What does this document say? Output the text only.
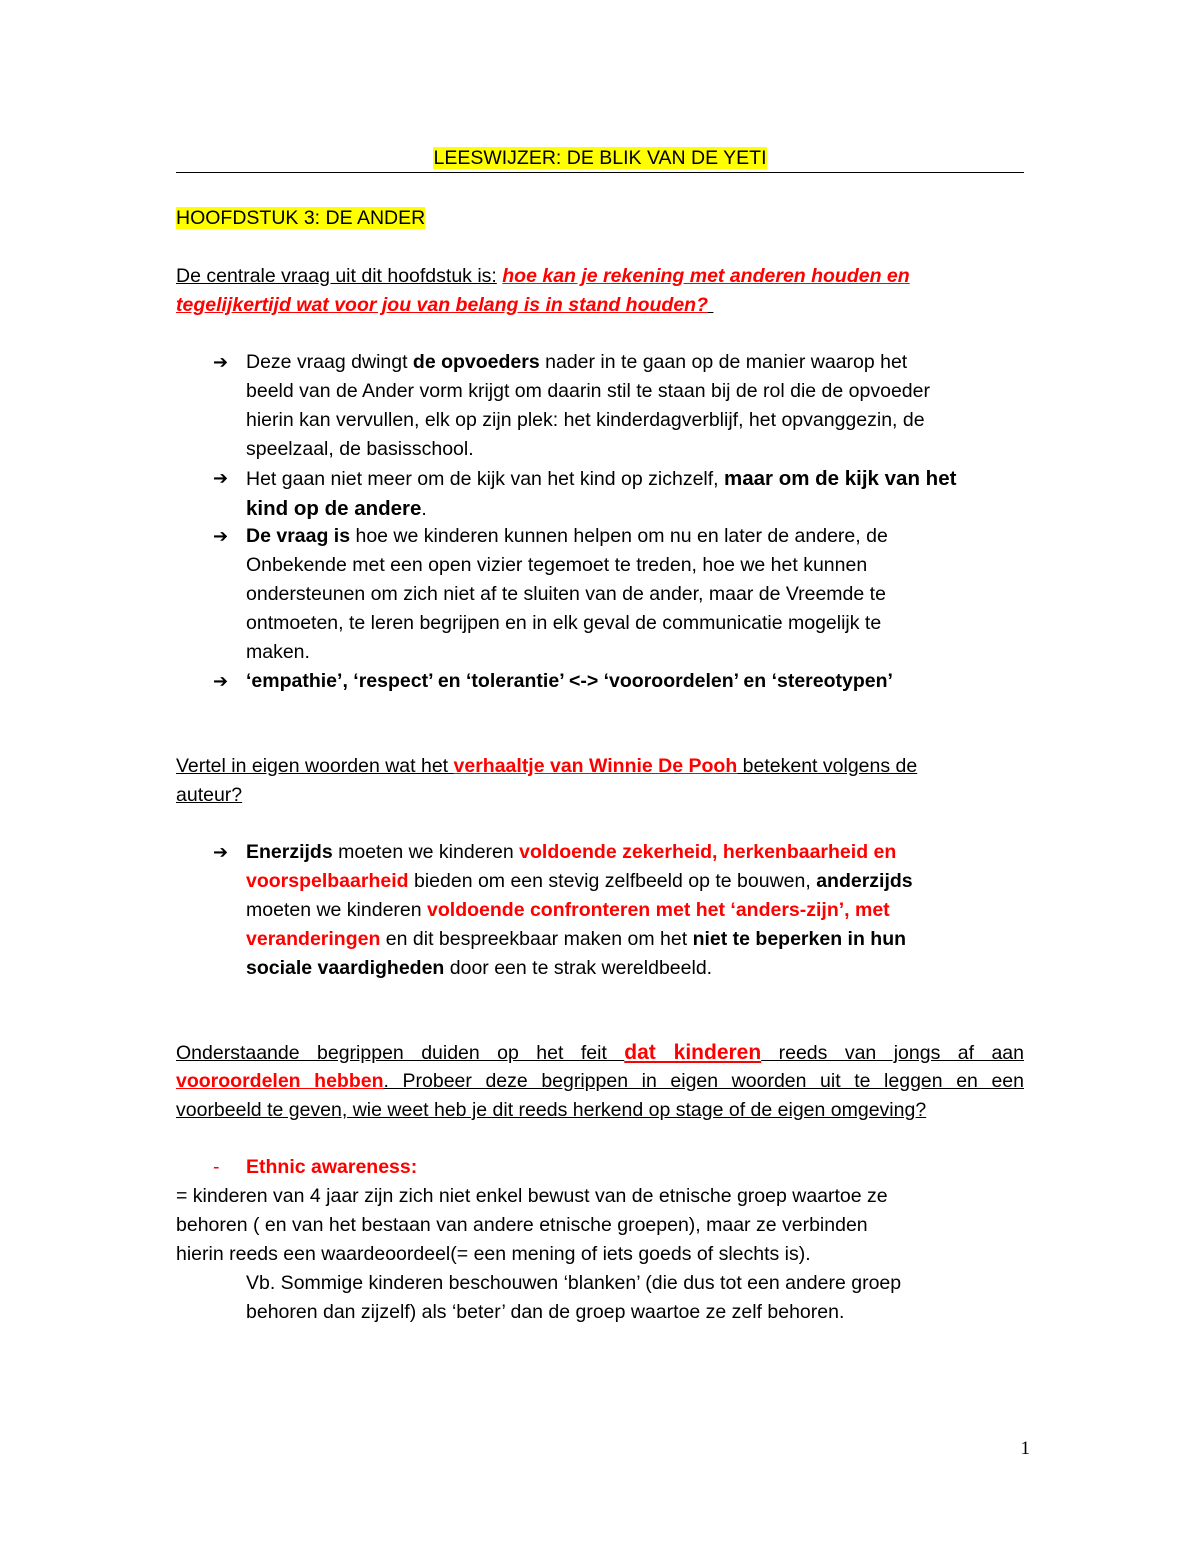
LEESWIJZER: DE BLIK VAN DE YETI
HOOFDSTUK 3: DE ANDER
De centrale vraag uit dit hoofdstuk is: hoe kan je rekening met anderen houden en
tegelijkertijd wat voor jou van belang is in stand houden?
➔ Deze vraag dwingt de opvoeders nader in te gaan op de manier waarop het
beeld van de Ander vorm krijgt om daarin stil te staan bij de rol die de opvoeder
hierin kan vervullen, elk op zijn plek: het kinderdagverblijf, het opvanggezin, de
speelzaal, de basisschool.
➔ Het gaan niet meer om de kijk van het kind op zichzelf, maar om de kijk van het
kind op de andere.
➔ De vraag is hoe we kinderen kunnen helpen om nu en later de andere, de
Onbekende met een open vizier tegemoet te treden, hoe we het kunnen
ondersteunen om zich niet af te sluiten van de ander, maar de Vreemde te
ontmoeten, te leren begrijpen en in elk geval de communicatie mogelijk te
maken.
➔ ‘empathie’, ‘respect’ en ‘tolerantie’ <-> ‘vooroordelen’ en ‘stereotypen’
Vertel in eigen woorden wat het verhaaltje van Winnie De Pooh betekent volgens de
auteur?
➔ Enerzijds moeten we kinderen voldoende zekerheid, herkenbaarheid en
voorspelbaarheid bieden om een stevig zelfbeeld op te bouwen, anderzijds
moeten we kinderen voldoende confronteren met het ‘anders-zijn’, met
veranderingen en dit bespreekbaar maken om het niet te beperken in hun
sociale vaardigheden door een te strak wereldbeeld.
Onderstaande begrippen duiden op het feit dat kinderen reeds van jongs af aan
vooroordelen hebben. Probeer deze begrippen in eigen woorden uit te leggen en een
voorbeeld te geven, wie weet heb je dit reeds herkend op stage of de eigen omgeving?
-	Ethnic awareness:
= kinderen van 4 jaar zijn zich niet enkel bewust van de etnische groep waartoe ze
behoren ( en van het bestaan van andere etnische groepen), maar ze verbinden
hierin reeds een waardeoordeel(= een mening of iets goeds of slechts is).
Vb. Sommige kinderen beschouwen ‘blanken’ (die dus tot een andere groep
behoren dan zijzelf) als ‘beter’ dan de groep waartoe ze zelf behoren.
1
